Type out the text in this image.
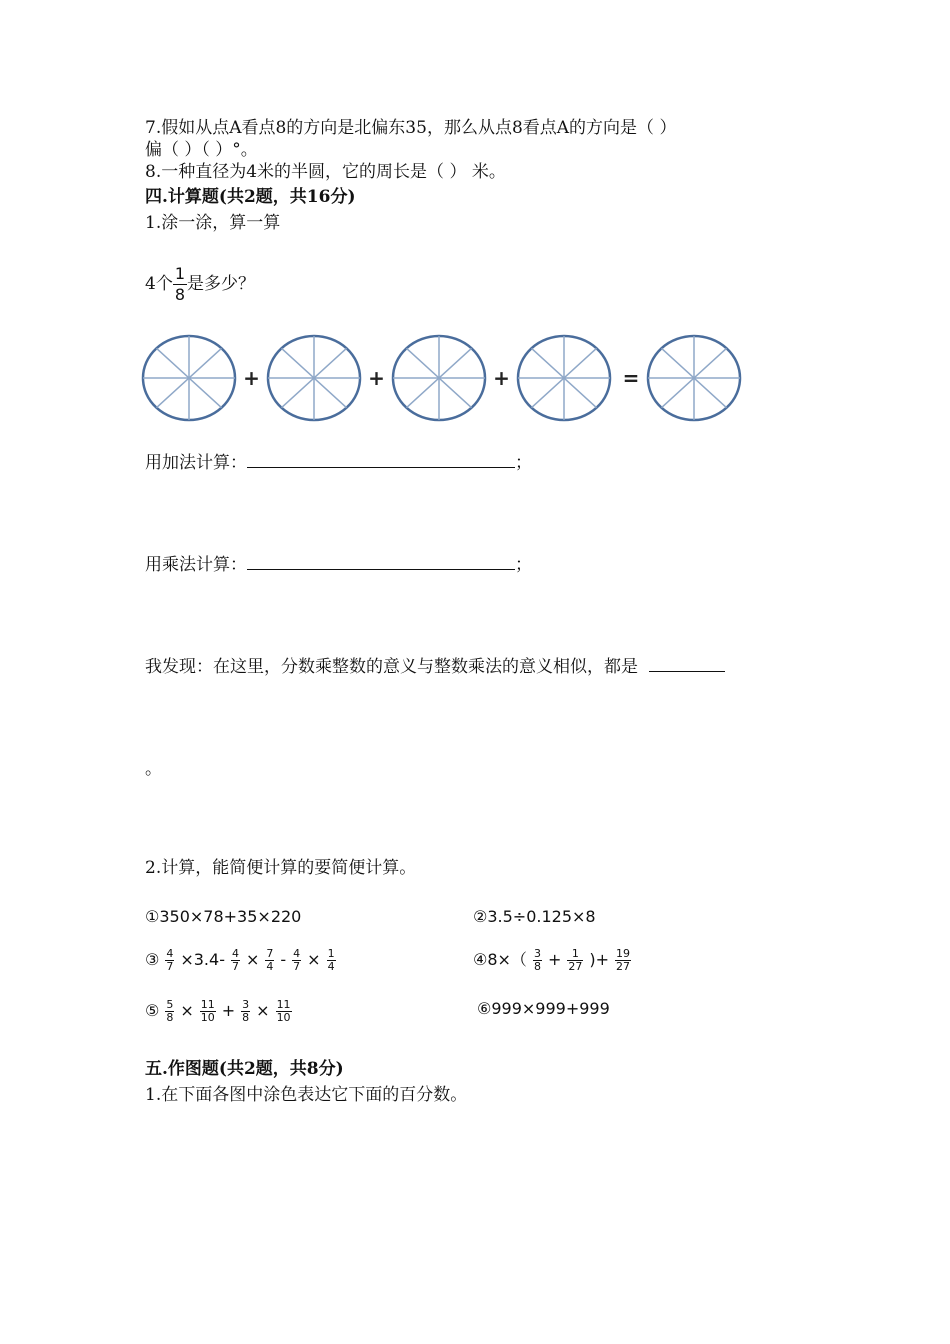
7.假如从点A看点8的方向是北偏东35，那么从点8看点A的方向是（ ）
偏（ ）（ ）°。
8.一种直径为4米的半圆，它的周长是（ ） 米。
四.计算题(共2题，共16分)
1.涂一涂，算一算
4个 $\frac{1}{8}$ 是多少？
+	+	+	=
用加法计算：	；
用乘法计算：	；
我发现：在这里，分数乘整数的意义与整数乘法的意义相似，都是
。
2.计算，能简便计算的要简便计算。
①350×78+35×220	②3.5÷0.125×8
③ $\frac{4}{7} \times 3.4- \frac{4}{7} \times \frac{7}{4} - \frac{4}{7} \times \frac{1}{4}$	④8×（ $\frac{3}{8} + \frac{1}{27}$ )+ $\frac{19}{27}$
⑤ $\frac{5}{8} \times \frac{11}{10} + \frac{3}{8} \times \frac{11}{10}$	⑥999×999+999
五.作图题(共2题，共8分)
1.在下面各图中涂色表达它下面的百分数。
